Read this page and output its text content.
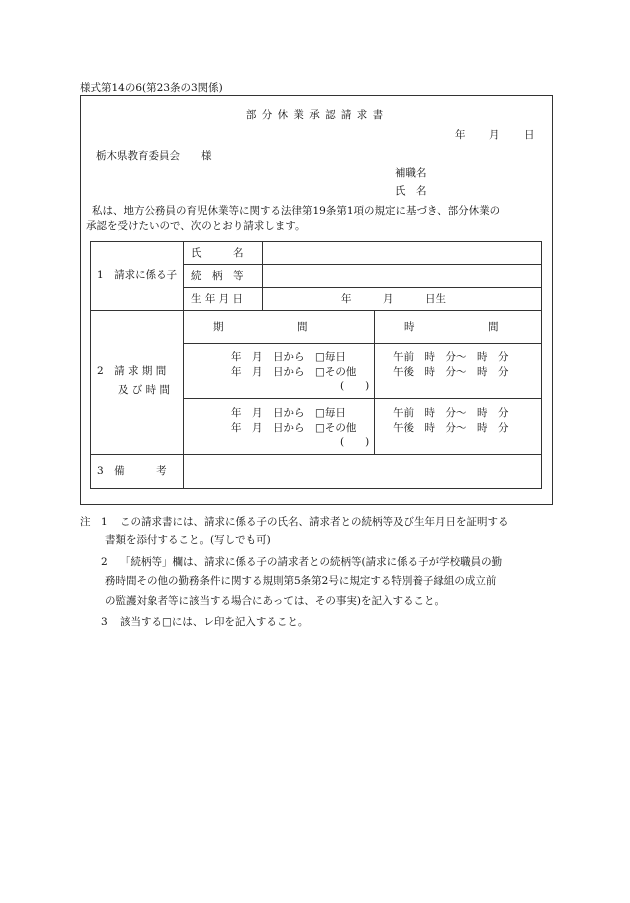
様式第14の6(第23条の3関係)
部 分 休 業 承 認 請 求 書
年 月 日
栃木県教育委員会　　様
補職名
氏　名
私は、地方公務員の育児休業等に関する法律第19条第1項の規定に基づき、部分休業の
承認を受けたいので、次のとおり請求します。
1　請求に係る子
氏　　　名
続　柄　等
生 年 月 日	年　　　月　　　日生
2　請 求 期 間
及 び 時 間
期　　　　　　　間	時　　　　　　　間
年　月　日から　□毎日
年　月　日から　□その他
(　　)
午前　時　分～　時　分
午後　時　分～　時　分
年　月　日から　□毎日
年　月　日から　□その他
(　　)
午前　時　分～　時　分
午後　時　分～　時　分
3　備　　　考
注 1 この請求書には、請求に係る子の氏名、請求者との続柄等及び生年月日を証明する
書類を添付すること。(写しでも可)
2 「続柄等」欄は、請求に係る子の請求者との続柄等(請求に係る子が学校職員の勤
務時間その他の勤務条件に関する規則第5条第2号に規定する特別養子縁組の成立前
の監護対象者等に該当する場合にあっては、その事実)を記入すること。
3 該当する□には、レ印を記入すること。
